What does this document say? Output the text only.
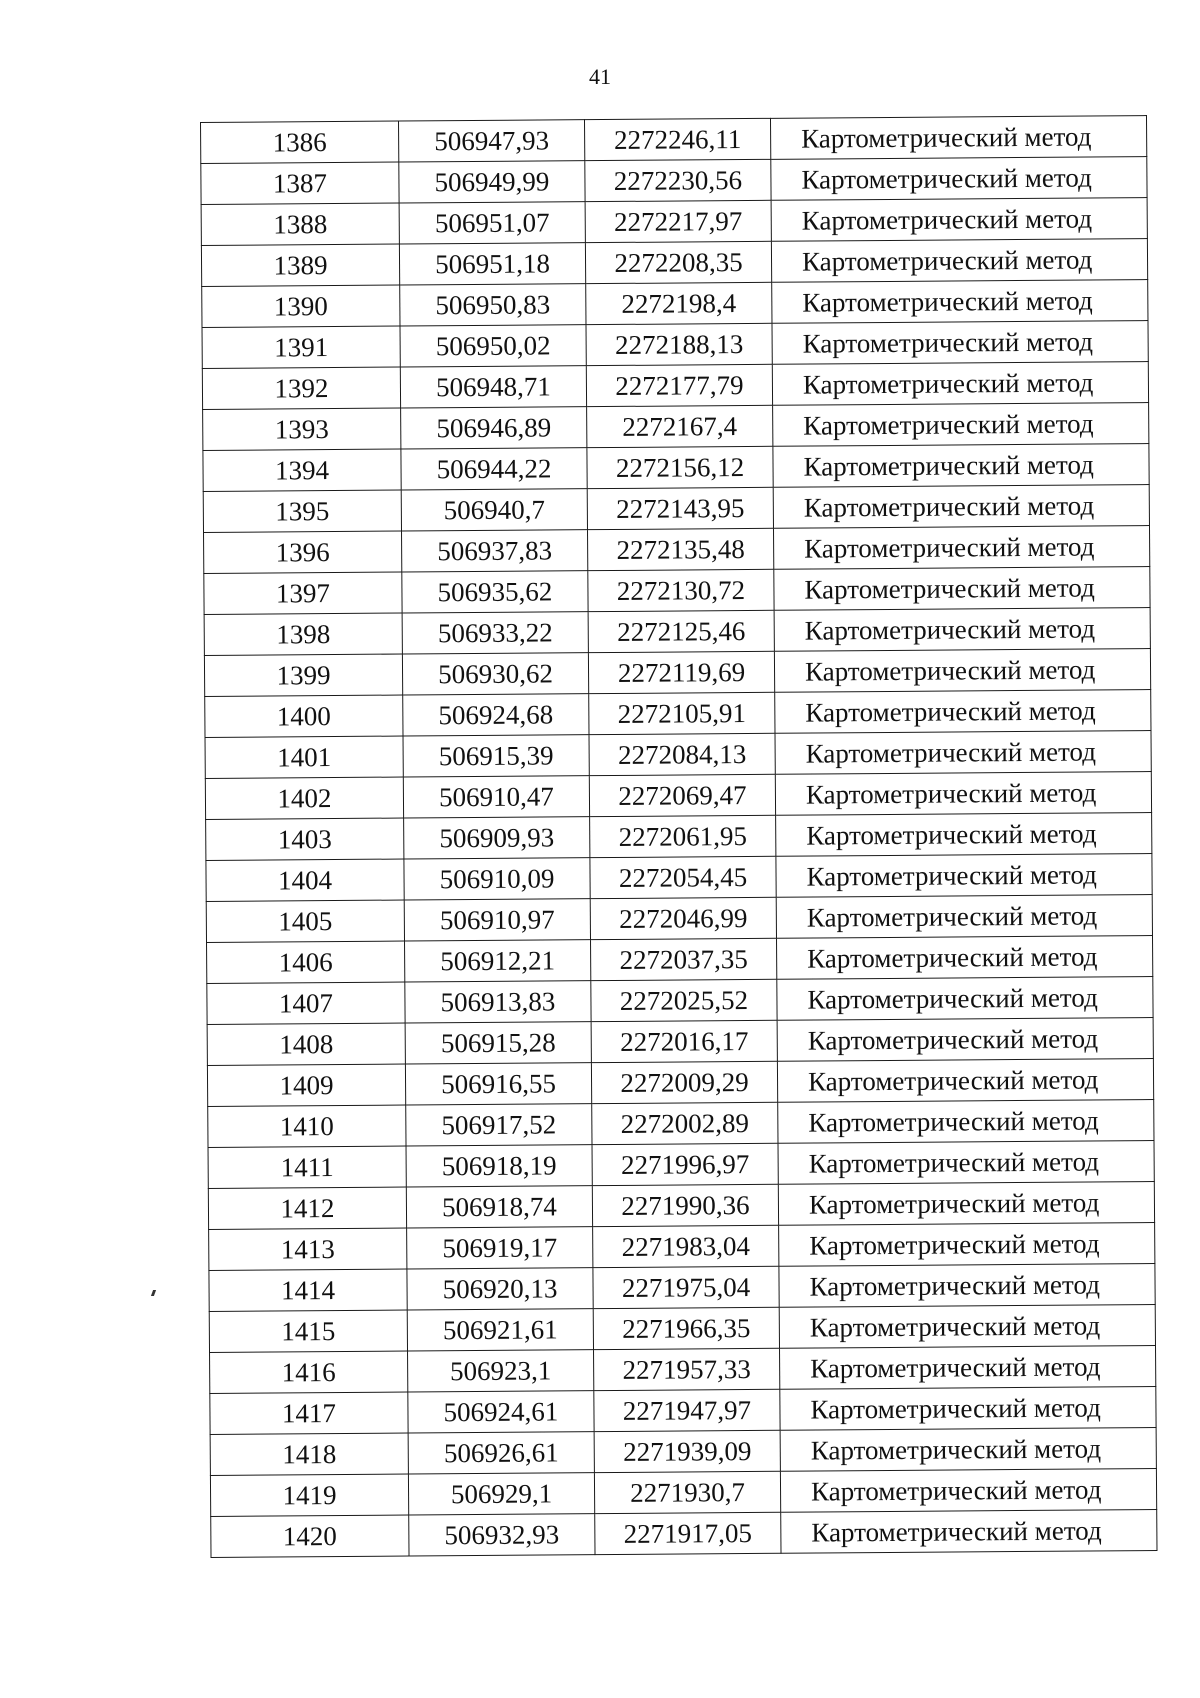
41
1386	506947,93	2272246,11	Картометрический метод
1387	506949,99	2272230,56	Картометрический метод
1388	506951,07	2272217,97	Картометрический метод
1389	506951,18	2272208,35	Картометрический метод
1390	506950,83	2272198,4	Картометрический метод
1391	506950,02	2272188,13	Картометрический метод
1392	506948,71	2272177,79	Картометрический метод
1393	506946,89	2272167,4	Картометрический метод
1394	506944,22	2272156,12	Картометрический метод
1395	506940,7	2272143,95	Картометрический метод
1396	506937,83	2272135,48	Картометрический метод
1397	506935,62	2272130,72	Картометрический метод
1398	506933,22	2272125,46	Картометрический метод
1399	506930,62	2272119,69	Картометрический метод
1400	506924,68	2272105,91	Картометрический метод
1401	506915,39	2272084,13	Картометрический метод
1402	506910,47	2272069,47	Картометрический метод
1403	506909,93	2272061,95	Картометрический метод
1404	506910,09	2272054,45	Картометрический метод
1405	506910,97	2272046,99	Картометрический метод
1406	506912,21	2272037,35	Картометрический метод
1407	506913,83	2272025,52	Картометрический метод
1408	506915,28	2272016,17	Картометрический метод
1409	506916,55	2272009,29	Картометрический метод
1410	506917,52	2272002,89	Картометрический метод
1411	506918,19	2271996,97	Картометрический метод
1412	506918,74	2271990,36	Картометрический метод
1413	506919,17	2271983,04	Картометрический метод
1414	506920,13	2271975,04	Картометрический метод
1415	506921,61	2271966,35	Картометрический метод
1416	506923,1	2271957,33	Картометрический метод
1417	506924,61	2271947,97	Картометрический метод
1418	506926,61	2271939,09	Картометрический метод
1419	506929,1	2271930,7	Картометрический метод
1420	506932,93	2271917,05	Картометрический метод
